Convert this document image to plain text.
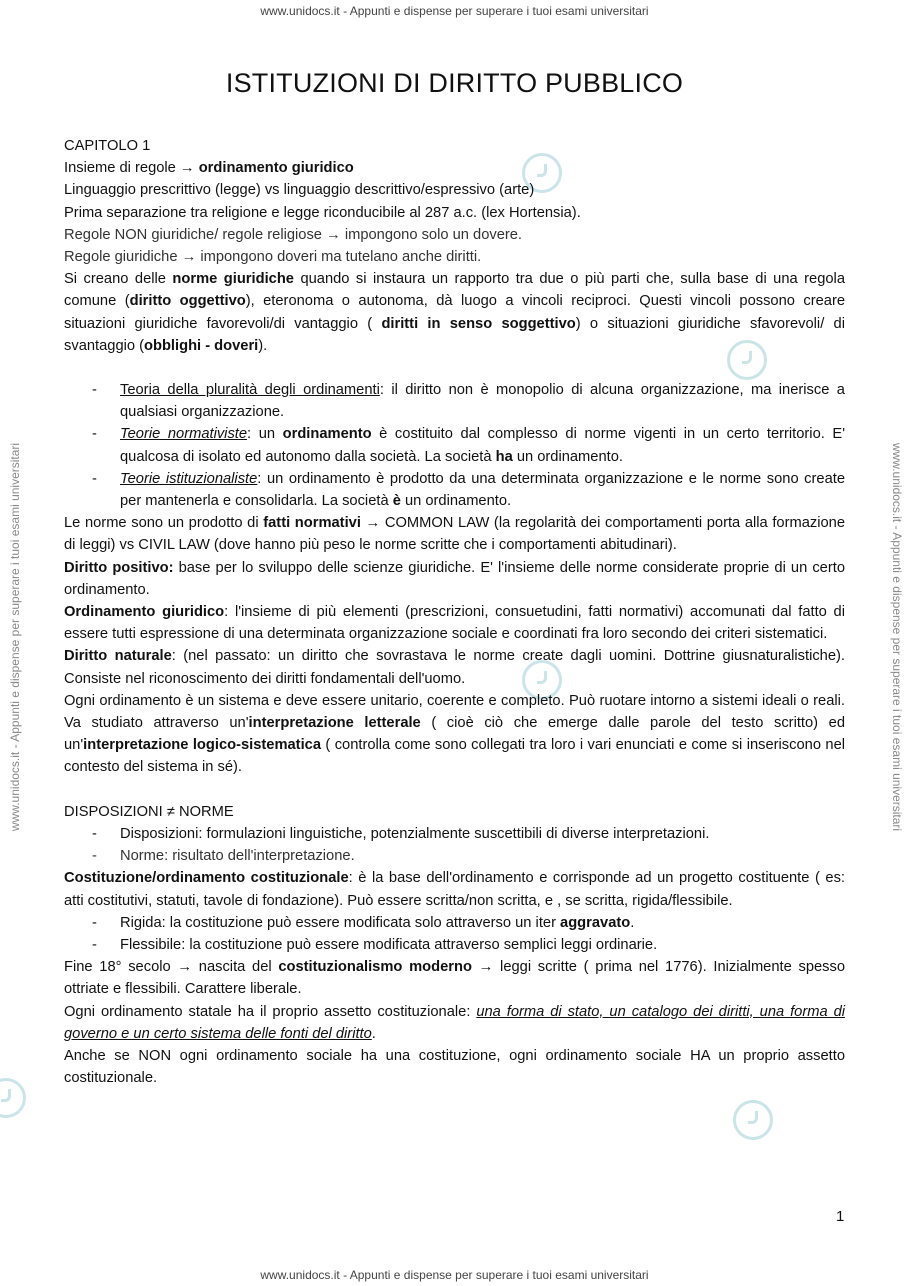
www.unidocs.it - Appunti e dispense per superare i tuoi esami universitari
www.unidocs.it - Appunti e dispense per superare i tuoi esami universitari	www.unidocs.it - Appunti e dispense per superare i tuoi esami universitari
ISTITUZIONI DI DIRITTO PUBBLICO

CAPITOLO 1

Insieme di regole → ordinamento giuridico

Linguaggio prescrittivo (legge) vs linguaggio descrittivo/espressivo (arte)

Prima separazione tra religione e legge riconducibile al 287 a.c. (lex Hortensia).

Regole NON giuridiche/ regole religiose → impongono solo un dovere.

Regole giuridiche → impongono doveri ma tutelano anche diritti.

Si creano delle norme giuridiche quando si instaura un rapporto tra due o più parti che, sulla base di una regola comune (diritto oggettivo), eteronoma o autonoma, dà luogo a vincoli reciproci. Questi vincoli possono creare situazioni giuridiche favorevoli/di vantaggio ( diritti in senso soggettivo) o situazioni giuridiche sfavorevoli/ di svantaggio (obblighi - doveri).

- Teoria della pluralità degli ordinamenti: il diritto non è monopolio di alcuna organizzazione, ma inerisce a qualsiasi organizzazione.

- Teorie normativiste: un ordinamento è costituito dal complesso di norme vigenti in un certo territorio. E' qualcosa di isolato ed autonomo dalla società. La società ha un ordinamento.

- Teorie istituzionaliste: un ordinamento è prodotto da una determinata organizzazione e le norme sono create per mantenerla e consolidarla. La società è un ordinamento.

Le norme sono un prodotto di fatti normativi → COMMON LAW (la regolarità dei comportamenti porta alla formazione di leggi) vs CIVIL LAW (dove hanno più peso le norme scritte che i comportamenti abitudinari).

Diritto positivo: base per lo sviluppo delle scienze giuridiche. E' l'insieme delle norme considerate proprie di un certo ordinamento.

Ordinamento giuridico: l'insieme di più elementi (prescrizioni, consuetudini, fatti normativi) accomunati dal fatto di essere tutti espressione di una determinata organizzazione sociale e coordinati fra loro secondo dei criteri sistematici.

Diritto naturale: (nel passato: un diritto che sovrastava le norme create dagli uomini. Dottrine giusnaturalistiche). Consiste nel riconoscimento dei diritti fondamentali dell'uomo.

Ogni ordinamento è un sistema e deve essere unitario, coerente e completo. Può ruotare intorno a sistemi ideali o reali. Va studiato attraverso un'interpretazione letterale ( cioè ciò che emerge dalle parole del testo scritto) ed un'interpretazione logico-sistematica ( controlla come sono collegati tra loro i vari enunciati e come si inseriscono nel contesto del sistema in sé).

DISPOSIZIONI ≠ NORME

- Disposizioni: formulazioni linguistiche, potenzialmente suscettibili di diverse interpretazioni.

- Norme: risultato dell'interpretazione.

Costituzione/ordinamento costituzionale: è la base dell'ordinamento e corrisponde ad un progetto costituente ( es: atti costitutivi, statuti, tavole di fondazione). Può essere scritta/non scritta, e , se scritta, rigida/flessibile.

- Rigida: la costituzione può essere modificata solo attraverso un iter aggravato.

- Flessibile: la costituzione può essere modificata attraverso semplici leggi ordinarie.

Fine 18° secolo → nascita del costituzionalismo moderno → leggi scritte ( prima nel 1776). Inizialmente spesso ottriate e flessibili. Carattere liberale.

Ogni ordinamento statale ha il proprio assetto costituzionale: una forma di stato, un catalogo dei diritti, una forma di governo e un certo sistema delle fonti del diritto.

Anche se NON ogni ordinamento sociale ha una costituzione, ogni ordinamento sociale HA un proprio assetto costituzionale.

1
www.unidocs.it - Appunti e dispense per superare i tuoi esami universitari
